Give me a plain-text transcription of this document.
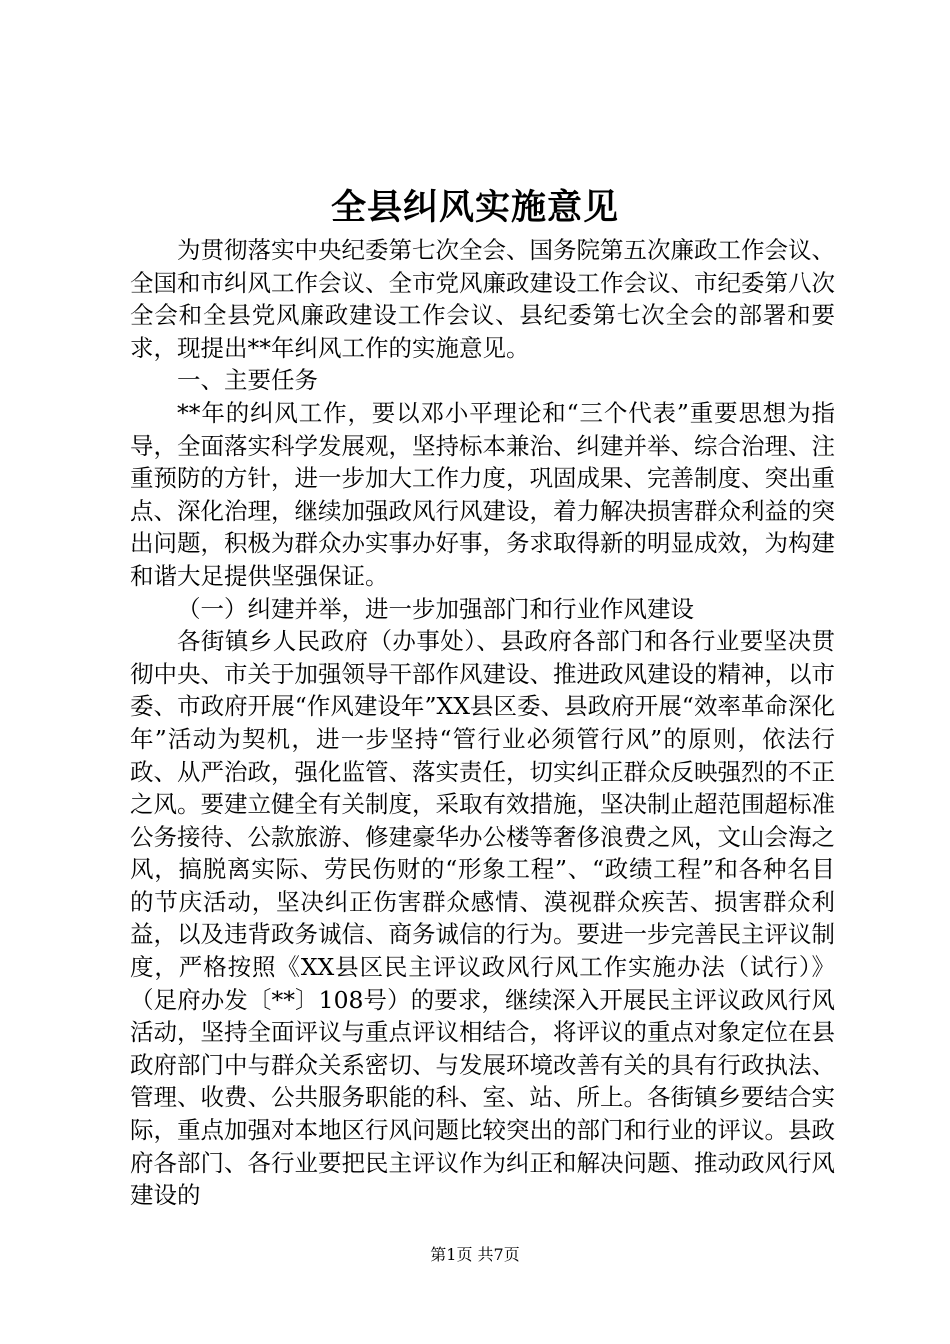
全县纠风实施意见

为贯彻落实中央纪委第七次全会、国务院第五次廉政工作会议、全国和市纠风工作会议、全市党风廉政建设工作会议、市纪委第八次全会和全县党风廉政建设工作会议、县纪委第七次全会的部署和要求，现提出**年纠风工作的实施意见。

一、主要任务

**年的纠风工作，要以邓小平理论和“三个代表”重要思想为指导，全面落实科学发展观，坚持标本兼治、纠建并举、综合治理、注重预防的方针，进一步加大工作力度，巩固成果、完善制度、突出重点、深化治理，继续加强政风行风建设，着力解决损害群众利益的突出问题，积极为群众办实事办好事，务求取得新的明显成效，为构建和谐大足提供坚强保证。

（一）纠建并举，进一步加强部门和行业作风建设

各街镇乡人民政府（办事处）、县政府各部门和各行业要坚决贯彻中央、市关于加强领导干部作风建设、推进政风建设的精神，以市委、市政府开展“作风建设年”XX县区委、县政府开展“效率革命深化年”活动为契机，进一步坚持“管行业必须管行风”的原则，依法行政、从严治政，强化监管、落实责任，切实纠正群众反映强烈的不正之风。要建立健全有关制度，采取有效措施，坚决制止超范围超标准公务接待、公款旅游、修建豪华办公楼等奢侈浪费之风，文山会海之风，搞脱离实际、劳民伤财的“形象工程”、“政绩工程”和各种名目的节庆活动，坚决纠正伤害群众感情、漠视群众疾苦、损害群众利益，以及违背政务诚信、商务诚信的行为。要进一步完善民主评议制度，严格按照《XX县区民主评议政风行风工作实施办法（试行）》（足府办发〔**〕108号）的要求，继续深入开展民主评议政风行风活动，坚持全面评议与重点评议相结合，将评议的重点对象定位在县政府部门中与群众关系密切、与发展环境改善有关的具有行政执法、管理、收费、公共服务职能的科、室、站、所上。各街镇乡要结合实际，重点加强对本地区行风问题比较突出的部门和行业的评议。县政府各部门、各行业要把民主评议作为纠正和解决问题、推动政风行风建设的

第1页 共7页
